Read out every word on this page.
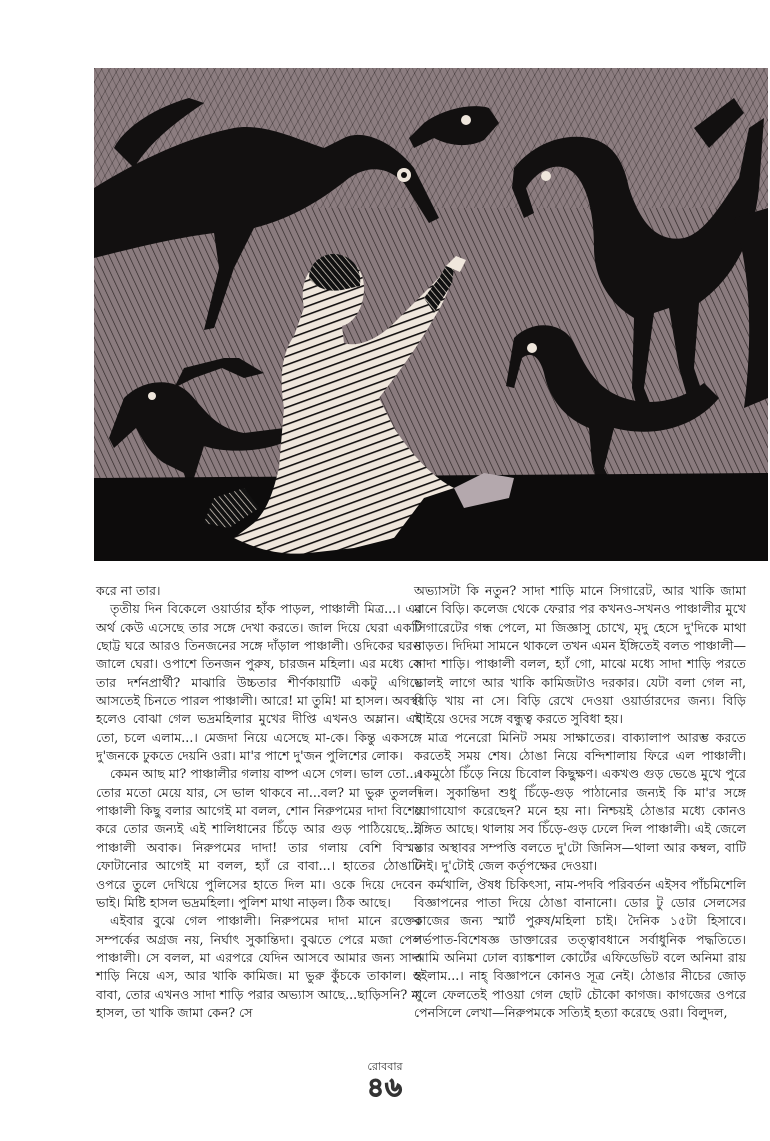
করে না তার।

তৃতীয় দিন বিকেলে ওয়ার্ডার হাঁক পাড়ল, পাঞ্চালী মিত্র...। এর অর্থ কেউ এসেছে তার সঙ্গে দেখা করতে। জাল দিয়ে ঘেরা একটি ছোট্ট ঘরে আরও তিনজনের সঙ্গে দাঁড়াল পাঞ্চালী। ওদিকের ঘরও জালে ঘেরা। ওপাশে তিনজন পুরুষ, চারজন মহিলা। এর মধ্যে কে তার দর্শনপ্রার্থী? মাঝারি উচ্চতার শীর্ণকায়াটি একটু এগিয়ে আসতেই চিনতে পারল পাঞ্চালী। আরে! মা তুমি! মা হাসল। অবস্থা হলেও বোঝা গেল ভদ্রমহিলার মুখের দীপ্তি এখনও অম্লান। এই তো, চলে এলাম...। মেজদা নিয়ে এসেছে মা-কে। কিন্তু একসঙ্গে দু'জনকে ঢুকতে দেয়নি ওরা। মা'র পাশে দু'জন পুলিশের লোক।

কেমন আছ মা? পাঞ্চালীর গলায় বাষ্প এসে গেল। ভাল তো...। তোর মতো মেয়ে যার, সে ভাল থাকবে না...বল? মা ভুরু তুলল। পাঞ্চালী কিছু বলার আগেই মা বলল, শোন নিরুপমের দাদা বিশেষ করে তোর জন্যই এই শালিধানের চিঁড়ে আর গুড় পাঠিয়েছে...। পাঞ্চালী অবাক। নিরুপমের দাদা! তার গলায় বেশি বিস্ময় ফোটানোর আগেই মা বলল, হ্যাঁ রে বাবা...। হাতের ঠোঙাটি ওপরে তুলে দেখিয়ে পুলিসের হাতে দিল মা। ওকে দিয়ে দেবেন ভাই। মিষ্টি হাসল ভদ্রমহিলা। পুলিশ মাথা নাড়ল। ঠিক আছে।

এইবার বুঝে গেল পাঞ্চালী। নিরুপমের দাদা মানে রক্তের সম্পর্কের অগ্রজ নয়, নির্ঘাৎ সুকান্তিদা। বুঝতে পেরে মজা পেল পাঞ্চালী। সে বলল, মা এরপরে যেদিন আসবে আমার জন্য সাদা শাড়ি নিয়ে এস, আর খাকি কামিজ। মা ভুরু কুঁচকে তাকাল। ও বাবা, তোর এখনও সাদা শাড়ি পরার অভ্যাস আছে...ছাড়িসনি? মা হাসল, তা খাকি জামা কেন? সে

অভ্যাসটা কি নতুন? সাদা শাড়ি মানে সিগারেট, আর খাকি জামা মানে বিড়ি। কলেজ থেকে ফেরার পর কখনও-সখনও পাঞ্চালীর মুখে সিগারেটের গন্ধ পেলে, মা জিজ্ঞাসু চোখে, মৃদু হেসে দু'দিকে মাথা নাড়ত। দিদিমা সামনে থাকলে তখন এমন ইঙ্গিতেই বলত পাঞ্চালী—সাদা শাড়ি। পাঞ্চালী বলল, হ্যাঁ গো, মাঝে মধ্যে সাদা শাড়ি পরতে ভালই লাগে আর খাকি কামিজটাও দরকার। যেটা বলা গেল না, বিড়ি খায় না সে। বিড়ি রেখে দেওয়া ওয়ার্ডারদের জন্য। বিড়ি খাইয়ে ওদের সঙ্গে বন্ধুত্ব করতে সুবিধা হয়।

মাত্র পনেরো মিনিট সময় সাক্ষাতের। বাক্যালাপ আরম্ভ করতে করতেই সময় শেষ। ঠোঙা নিয়ে বন্দিশালায় ফিরে এল পাঞ্চালী। একমুঠো চিঁড়ে নিয়ে চিবোল কিছুক্ষণ। একখণ্ড গুড় ভেঙে মুখে পুরে দিল। সুকান্তিদা শুধু চিঁড়ে-গুড় পাঠানোর জন্যই কি মা'র সঙ্গে যোগাযোগ করেছেন? মনে হয় না। নিশ্চয়ই ঠোঙার মধ্যে কোনও ইঙ্গিত আছে। থালায় সব চিঁড়ে-গুড় ঢেলে দিল পাঞ্চালী। এই জেলে তার অস্থাবর সম্পত্তি বলতে দু'টো জিনিস—থালা আর কম্বল, বাটি নেই। দু'টোই জেল কর্তৃপক্ষের দেওয়া।

কর্মখালি, ঔষধ চিকিৎসা, নাম-পদবি পরিবর্তন এইসব পাঁচমিশেলি বিজ্ঞাপনের পাতা দিয়ে ঠোঙা বানানো। ডোর টু ডোর সেলসের কাজের জন্য স্মার্ট পুরুষ/মহিলা চাই। দৈনিক ১৫টা হিসাবে। গর্ভপাত-বিশেষজ্ঞ ডাক্তারের তত্ত্বাবধানে সর্বাধুনিক পদ্ধতিতে। আমি অনিমা ঢোল ব্যাঙ্কশাল কোর্টের এফিডেভিট বলে অনিমা রায় হইলাম...। নাহ্ বিজ্ঞাপনে কোনও সূত্র নেই। ঠোঙার নীচের জোড় খুলে ফেলতেই পাওয়া গেল ছোট চৌকো কাগজ। কাগজের ওপরে পেনসিলে লেখা—নিরুপমকে সত্যিই হত্যা করেছে ওরা। বিলুদল,

রোববার
৪৬
